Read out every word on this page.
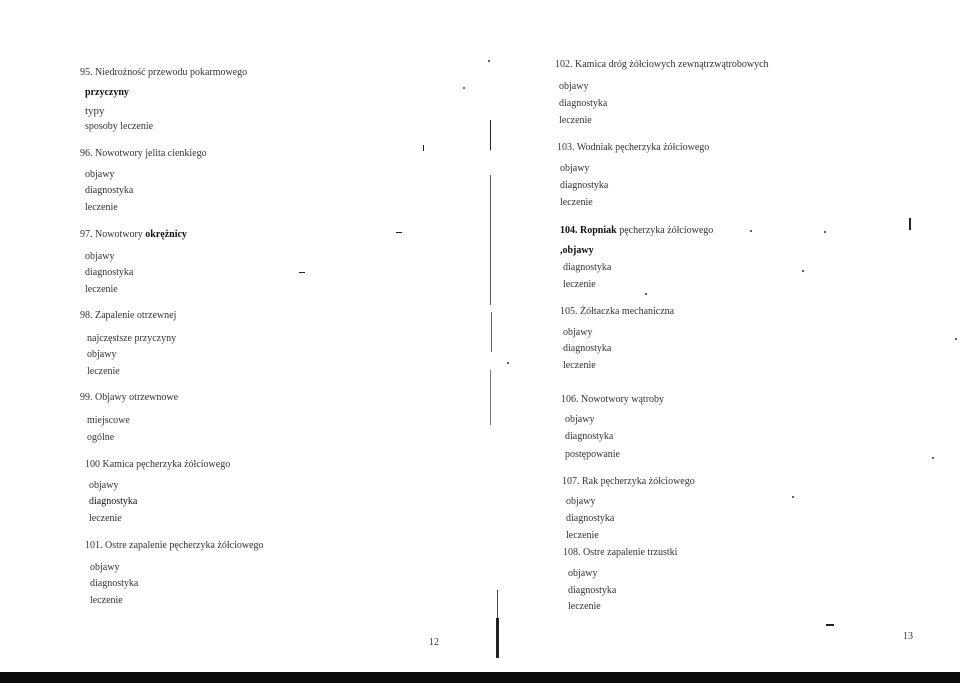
95. Niedrożność przewodu pokarmowego
przyczyny
typy
sposoby leczenie
96. Nowotwory jelita cienkiego
objawy
diagnostyka
leczenie
97. Nowotwory okrężnicy
objawy
diagnostyka
leczenie
98. Zapalenie otrzewnej
najczęstsze przyczyny
objawy
leczenie
99. Objawy otrzewnowe
miejscowe
ogólne
100 Kamica pęcherzyka żółciowego
objawy
diagnostyka
leczenie
101. Ostre zapalenie pęcherzyka żółciowego
objawy
diagnostyka
leczenie
12
102. Kamica dróg żółciowych zewnątrzwątrobowych
objawy
diagnostyka
leczenie
103. Wodniak pęcherzyka żółciowego
objawy
diagnostyka
leczenie
104. Ropniak pęcherzyka żółciowego
,objawy
diagnostyka
leczenie
105. Żółtaczka mechaniczna
objawy
diagnostyka
leczenie
106. Nowotwory wątroby
objawy
diagnostyka
postępowanie
107. Rak pęcherzyka żółciowego
objawy
diagnostyka
leczenie
108. Ostre zapalenie trzustki
objawy
diagnostyka
leczenie
13
